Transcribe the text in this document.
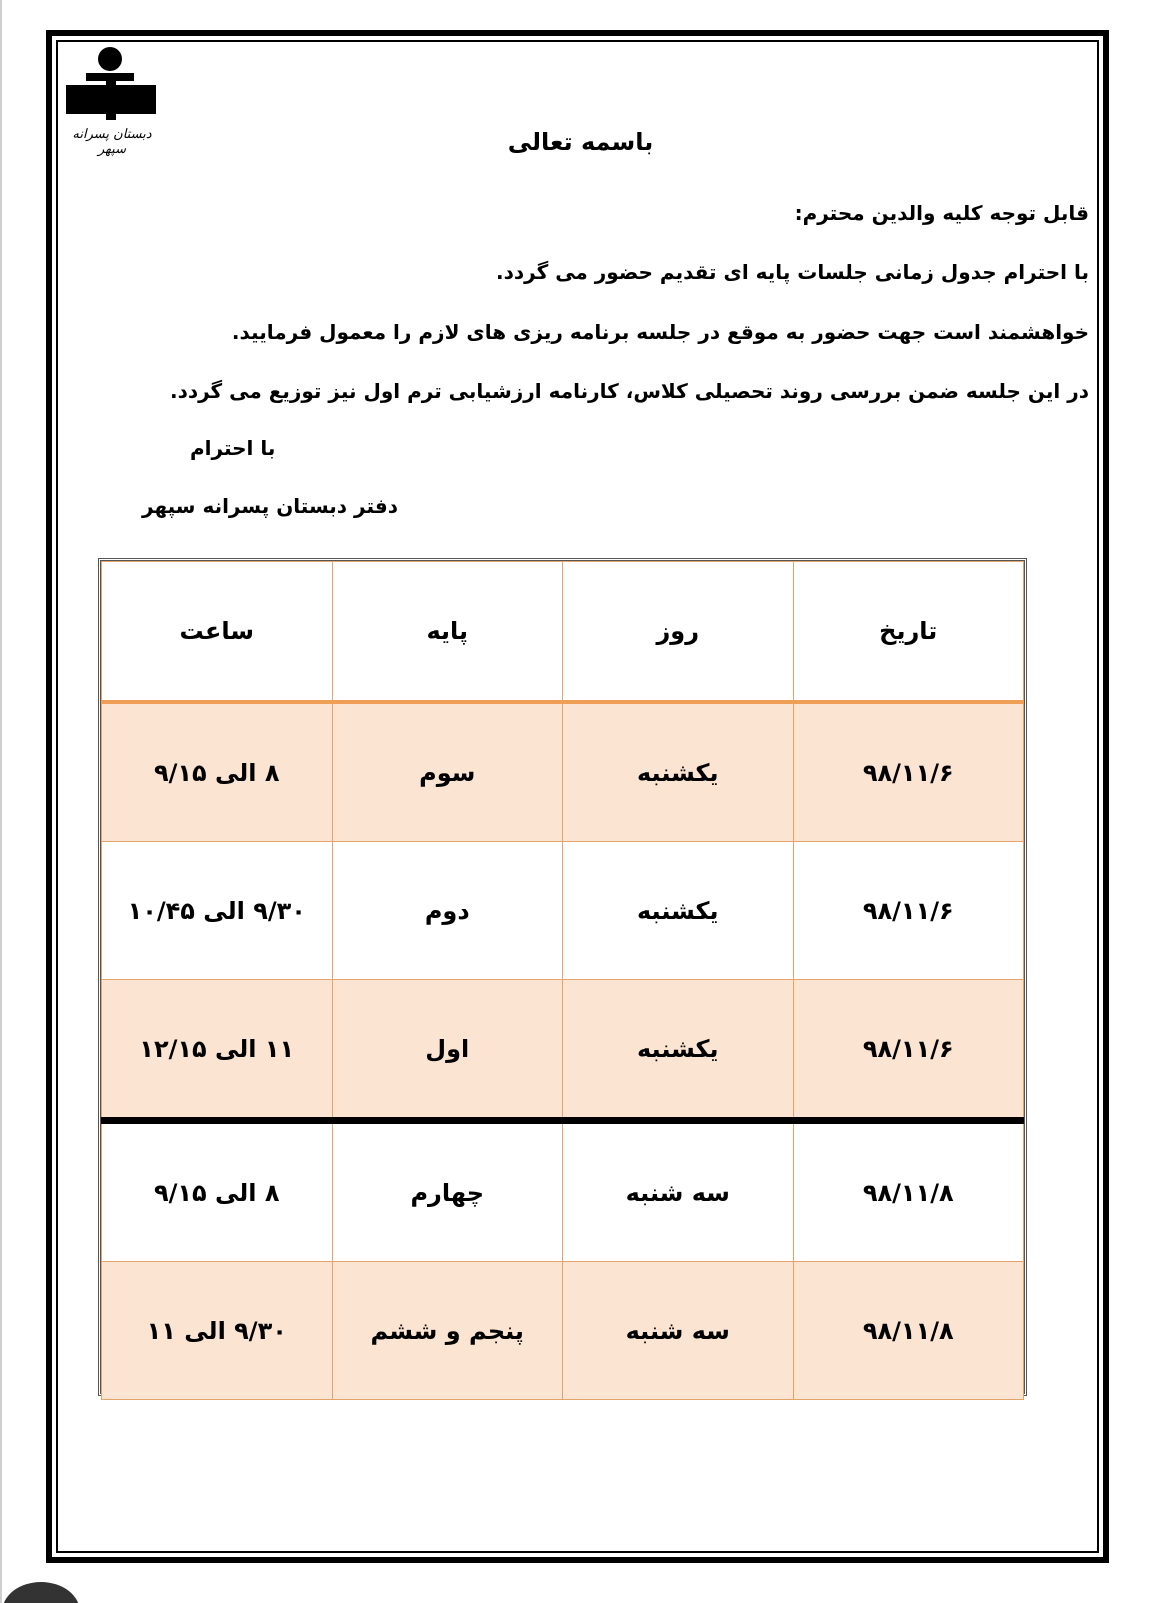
دبستان پسرانه سپهر	باسمه تعالی
قابل توجه کلیه والدین محترم:
با احترام جدول زمانی جلسات پایه ای تقدیم حضور می گردد.
خواهشمند است جهت حضور به موقع در جلسه برنامه ریزی های لازم را معمول فرمایید.
در این جلسه ضمن بررسی روند تحصیلی کلاس، کارنامه ارزشیابی ترم اول نیز توزیع می گردد.
با احترام
دفتر دبستان پسرانه سپهر
تاریخ	روز	پایه	ساعت
۹۸/۱۱/۶	یکشنبه	سوم	۸ الی ۹/۱۵
۹۸/۱۱/۶	یکشنبه	دوم	۹/۳۰ الی ۱۰/۴۵
۹۸/۱۱/۶	یکشنبه	اول	۱۱ الی ۱۲/۱۵
۹۸/۱۱/۸	سه شنبه	چهارم	۸ الی ۹/۱۵
۹۸/۱۱/۸	سه شنبه	پنجم و ششم	۹/۳۰ الی ۱۱
